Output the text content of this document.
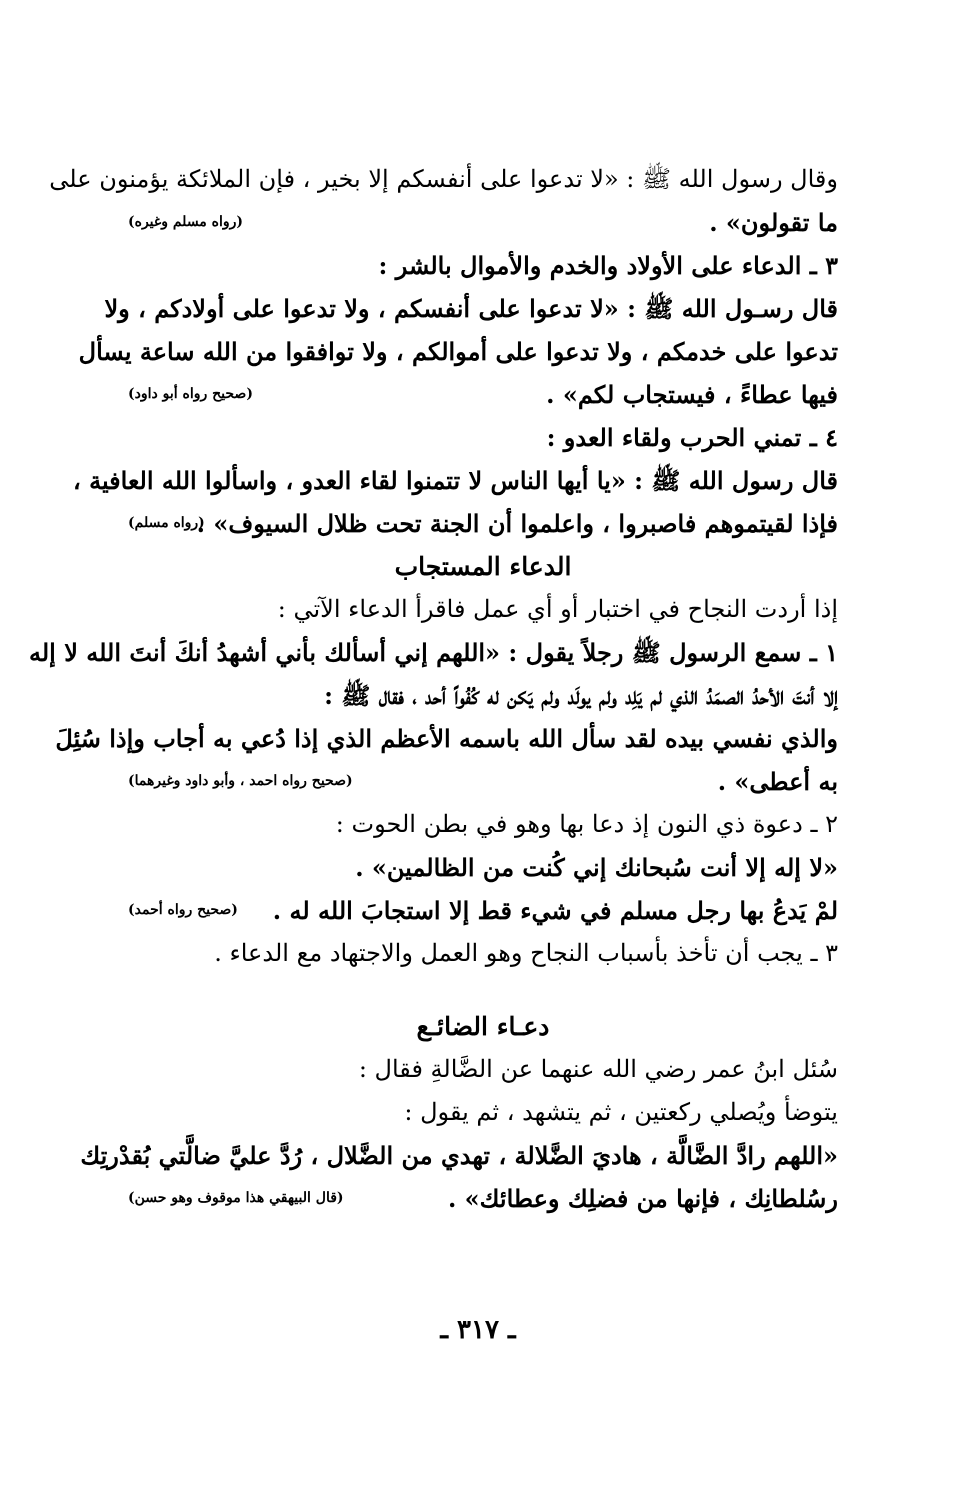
وقال رسول الله ﷺ : «لا تدعوا على أنفسكم إلا بخير ، فإن الملائكة يؤمنون على
ما تقولون» .
(رواه مسلم وغيره)
٣ ـ الدعاء على الأولاد والخدم والأموال بالشر :
قال رسـول الله ﷺ : «لا تدعوا على أنفسكم ، ولا تدعوا على أولادكم ، ولا
تدعوا على خدمكم ، ولا تدعوا على أموالكم ، ولا توافقوا من الله ساعة يسأل
فيها عطاءً ، فيستجاب لكم» .
(صحيح رواه أبو داود)
٤ ـ تمني الحرب ولقاء العدو :
قال رسول الله ﷺ : «يا أيها الناس لا تتمنوا لقاء العدو ، واسألوا الله العافية ،
فإذا لقيتموهم فاصبروا ، واعلموا أن الجنة تحت ظلال السيوف» .
(رواه مسلم)
الدعاء المستجاب
إذا أردت النجاح في اختبار أو أي عمل فاقرأ الدعاء الآتي :
١ ـ سمع الرسول ﷺ رجلاً يقول : «اللهم إني أسألك بأني أشهدُ أنكَ أنتَ الله لا إله
إلا أنتَ الأحدُ الصمَدُ الذي لم يَلِد ولم يولَد ولم يَكن له كُفُواً أحد ، فقال ﷺ :
والذي نفسي بيده لقد سأل الله باسمه الأعظم الذي إذا دُعي به أجاب وإذا سُئِلَ
به أعطى» .
(صحيح رواه احمد ، وأبو داود وغيرهما)
٢ ـ دعوة ذي النون إذ دعا بها وهو في بطن الحوت :
«لا إله إلا أنت سُبحانك إني كُنت من الظالمين» .
لمْ يَدعُ بها رجل مسلم في شيء قط إلا استجابَ الله له .
(صحيح رواه أحمد)
٣ ـ يجب أن تأخذ بأسباب النجاح وهو العمل والاجتهاد مع الدعاء .
دعـاء الضائـع
سُئل ابنُ عمر رضي الله عنهما عن الضَّالةِ فقال :
يتوضأ ويُصلي ركعتين ، ثم يتشهد ، ثم يقول :
«اللهم رادَّ الضَّالَّة ، هاديَ الضَّلالة ، تهدي من الضَّلال ، رُدَّ عليَّ ضالَّتي بُقدْرتِك
رسُلطانِك ، فإنها من فضلِك وعطائك» .
(قال البيهقي هذا موقوف وهو حسن)
ـ ٣١٧ ـ
